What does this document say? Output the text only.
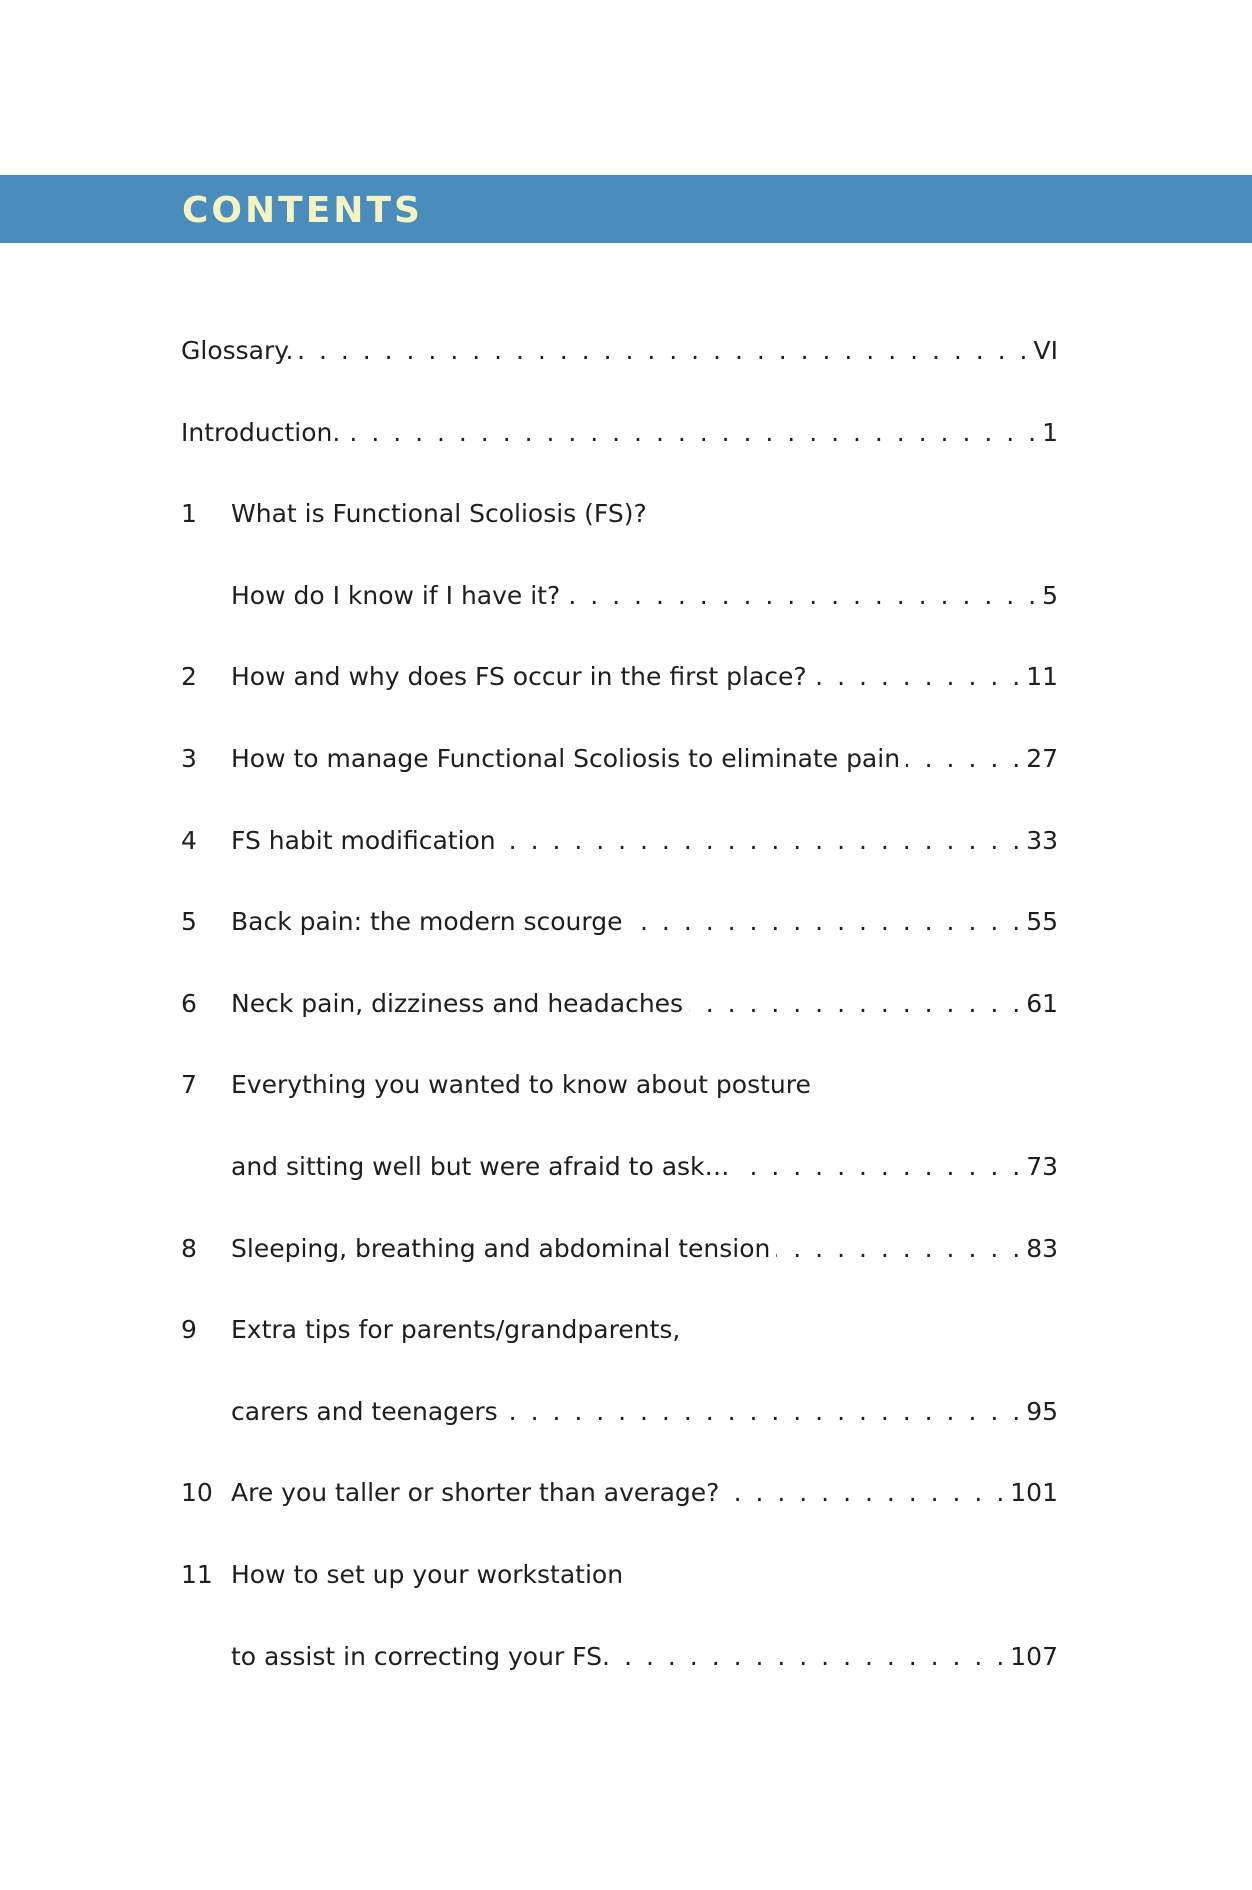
CONTENTS
Glossary. . . .	VI
Introduction. . . .	1
1	What is Functional Scoliosis (FS)?
How do I know if I have it? . . .	5
2	How and why does FS occur in the first place? . . .	11
3	How to manage Functional Scoliosis to eliminate pain . . .	27
4	FS habit modification . . .	33
5	Back pain: the modern scourge . . .	55
6	Neck pain, dizziness and headaches . . .	61
7	Everything you wanted to know about posture
and sitting well but were afraid to ask… . . .	73
8	Sleeping, breathing and abdominal tension . . .	83
9	Extra tips for parents/grandparents,
carers and teenagers . . .	95
10 Are you taller or shorter than average? . . .	101
11 How to set up your workstation
to assist in correcting your FS. . . .	107
